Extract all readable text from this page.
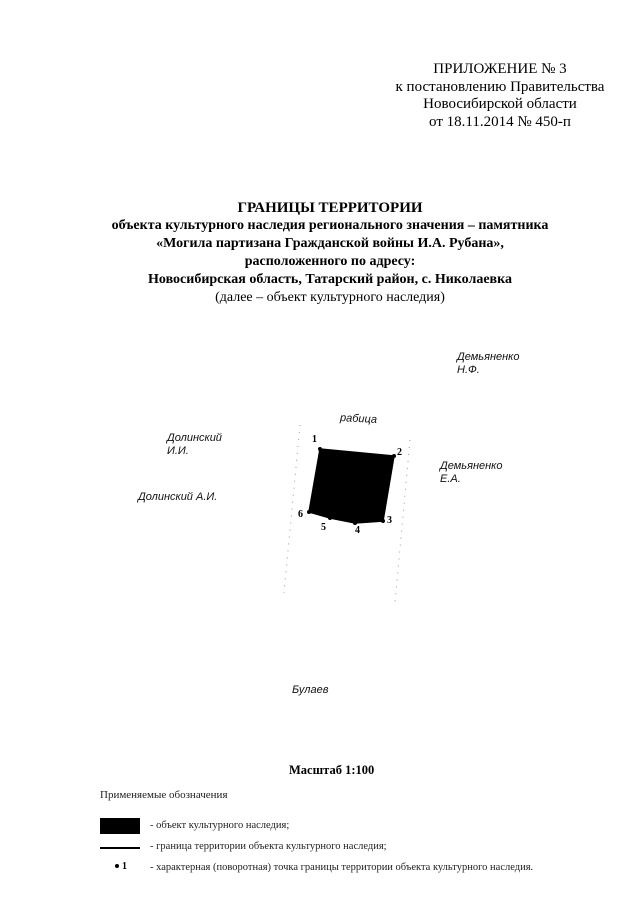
ПРИЛОЖЕНИЕ № 3
к постановлению Правительства
Новосибирской области
от 18.11.2014 № 450-п
ГРАНИЦЫ ТЕРРИТОРИИ
объекта культурного наследия регионального значения – памятника
«Могила партизана Гражданской войны И.А. Рубана»,
расположенного по адресу:
Новосибирская область, Татарский район, с. Николаевка
(далее – объект культурного наследия)
Демьяненко
Н.Ф.
рабица
Долинский
И.И.
Демьяненко
Е.А.
Долинский А.И.
Булаев
1
2
3
4
5
6
Масштаб 1:100
Применяемые обозначения
- объект культурного наследия;
- граница территории объекта культурного наследия;
1 - характерная (поворотная) точка границы территории объекта культурного наследия.
